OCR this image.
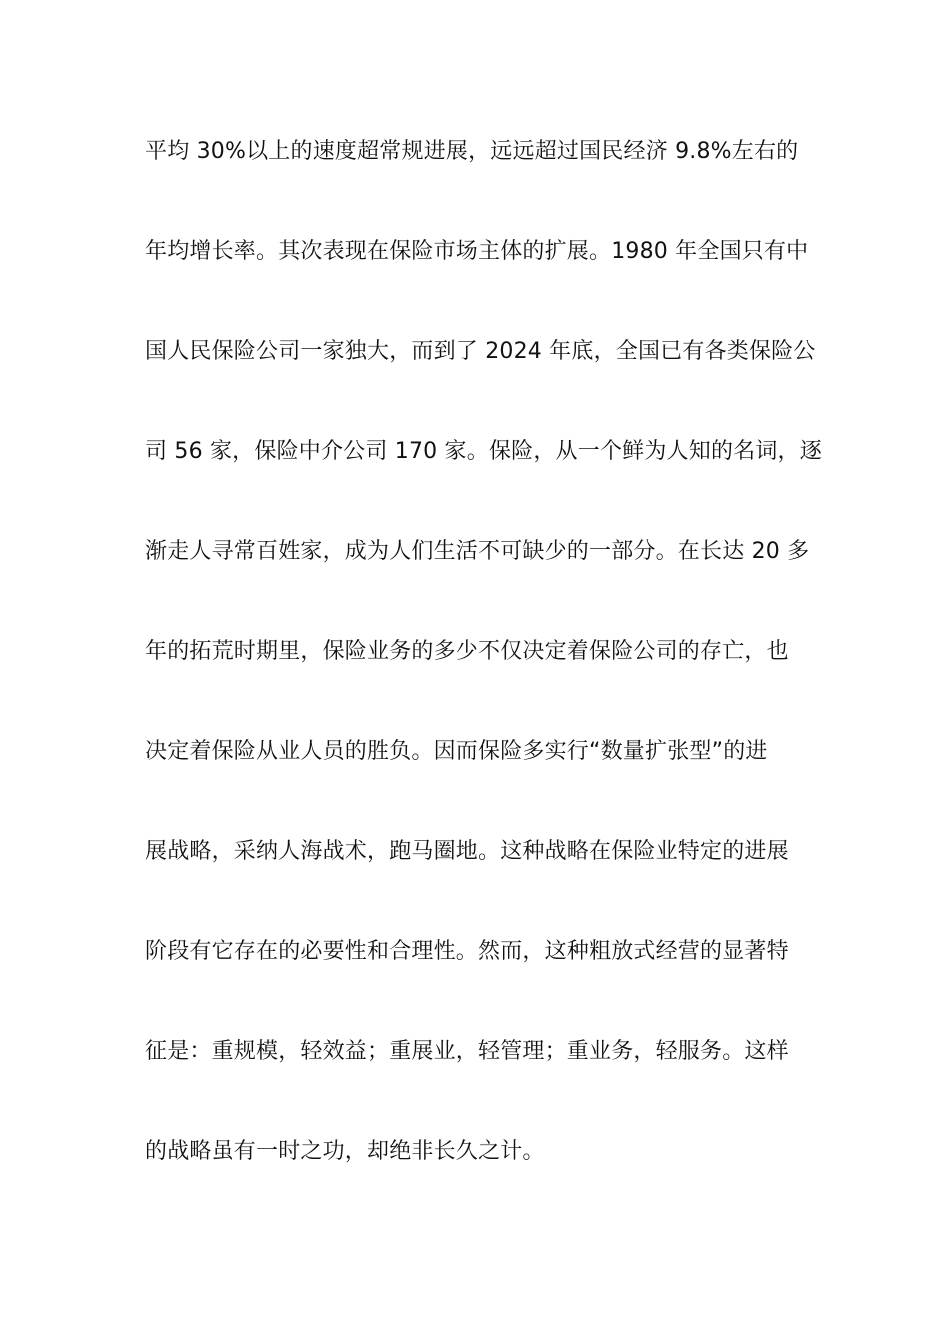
平均 30%以上的速度超常规进展，远远超过国民经济 9.8%左右的
年均增长率。其次表现在保险市场主体的扩展。1980 年全国只有中
国人民保险公司一家独大，而到了 2024 年底，全国已有各类保险公
司 56 家，保险中介公司 170 家。保险，从一个鲜为人知的名词，逐
渐走人寻常百姓家，成为人们生活不可缺少的一部分。在长达 20 多
年的拓荒时期里，保险业务的多少不仅决定着保险公司的存亡，也
决定着保险从业人员的胜负。因而保险多实行“数量扩张型”的进
展战略，采纳人海战术，跑马圈地。这种战略在保险业特定的进展
阶段有它存在的必要性和合理性。然而，这种粗放式经营的显著特
征是：重规模，轻效益；重展业，轻管理；重业务，轻服务。这样
的战略虽有一时之功，却绝非长久之计。
